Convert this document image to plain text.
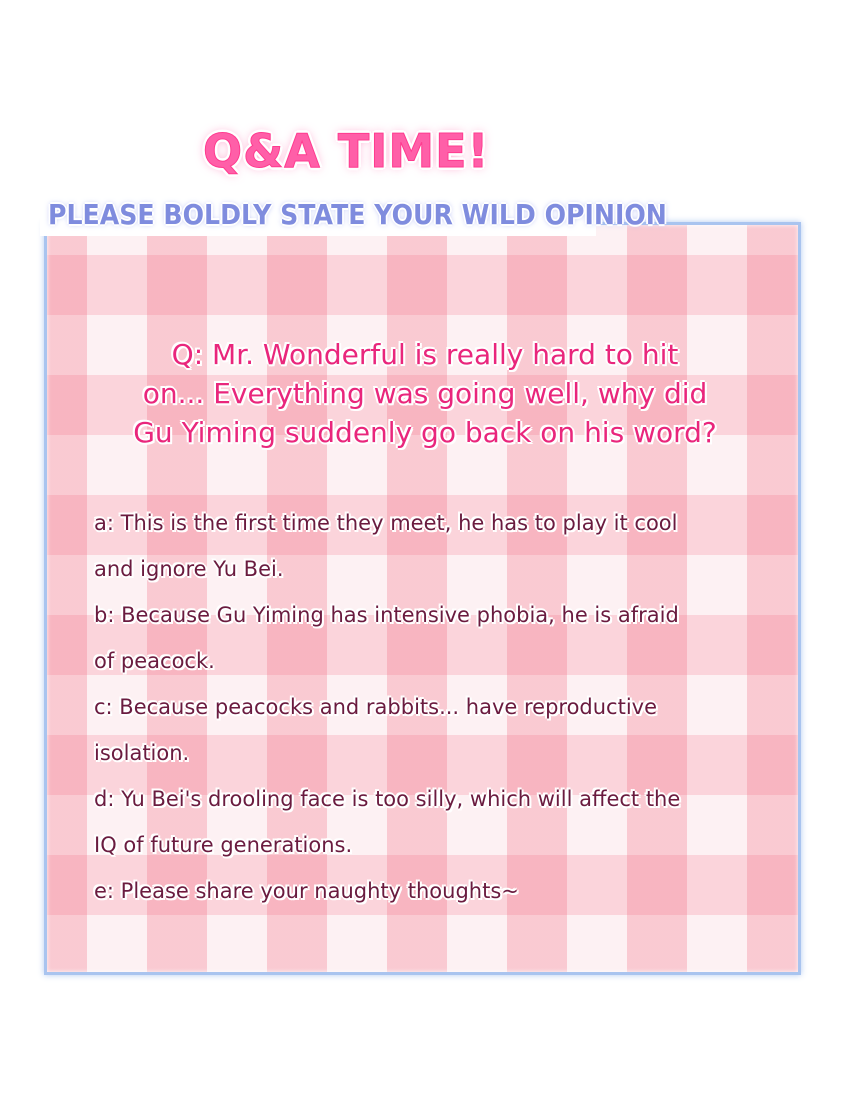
Q&A TIME!
PLEASE BOLDLY STATE YOUR WILD OPINION
Q: Mr. Wonderful is really hard to hit
on... Everything was going well, why did
Gu Yiming suddenly go back on his word?
a: This is the first time they meet, he has to play it cool
and ignore Yu Bei.
b: Because Gu Yiming has intensive phobia, he is afraid
of peacock.
c: Because peacocks and rabbits... have reproductive
isolation.
d: Yu Bei's drooling face is too silly, which will affect the
IQ of future generations.
e: Please share your naughty thoughts~
